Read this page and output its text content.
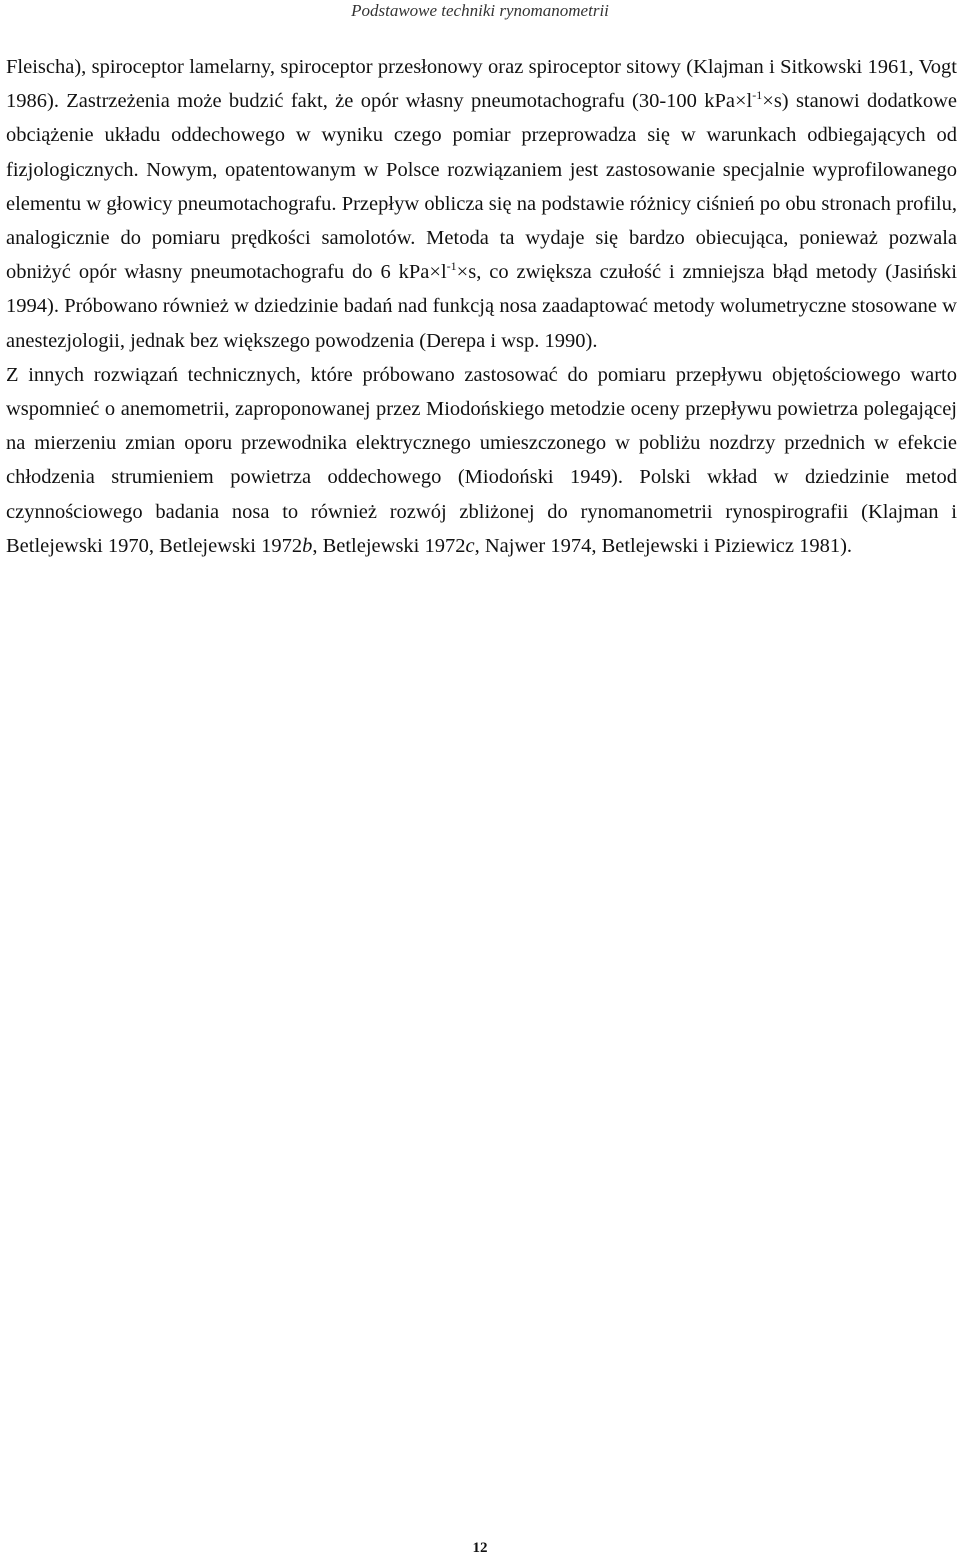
Podstawowe techniki rynomanometrii

Fleischa), spiroceptor lamelarny, spiroceptor przesłonowy oraz spiroceptor sitowy (Klajman i Sitkowski 1961, Vogt 1986). Zastrzeżenia może budzić fakt, że opór własny pneumotachografu (30-100 $kPa\times l^{-1}\times s$) stanowi dodatkowe obciążenie układu oddechowego w wyniku czego pomiar przeprowadza się w warunkach odbiegających od fizjologicznych. Nowym, opatentowanym w Polsce rozwiązaniem jest zastosowanie specjalnie wyprofilowanego elementu w głowicy pneumotachografu. Przepływ oblicza się na podstawie różnicy ciśnień po obu stronach profilu, analogicznie do pomiaru prędkości samolotów. Metoda ta wydaje się bardzo obiecująca, ponieważ pozwala obniżyć opór własny pneumotachografu do 6 $kPa\times l^{-1}\times s$, co zwiększa czułość i zmniejsza błąd metody (Jasiński 1994). Próbowano również w dziedzinie badań nad funkcją nosa zaadaptować metody wolumetryczne stosowane w anestezjologii, jednak bez większego powodzenia (Derepa i wsp. 1990).

Z innych rozwiązań technicznych, które próbowano zastosować do pomiaru przepływu objętościowego warto wspomnieć o anemometrii, zaproponowanej przez Miodońskiego metodzie oceny przepływu powietrza polegającej na mierzeniu zmian oporu przewodnika elektrycznego umieszczonego w pobliżu nozdrzy przednich w efekcie chłodzenia strumieniem powietrza oddechowego (Miodoński 1949). Polski wkład w dziedzinie metod czynnościowego badania nosa to również rozwój zbliżonej do rynomanometrii rynospirografii (Klajman i Betlejewski 1970, Betlejewski 1972b, Betlejewski 1972c, Najwer 1974, Betlejewski i Piziewicz 1981).

12
